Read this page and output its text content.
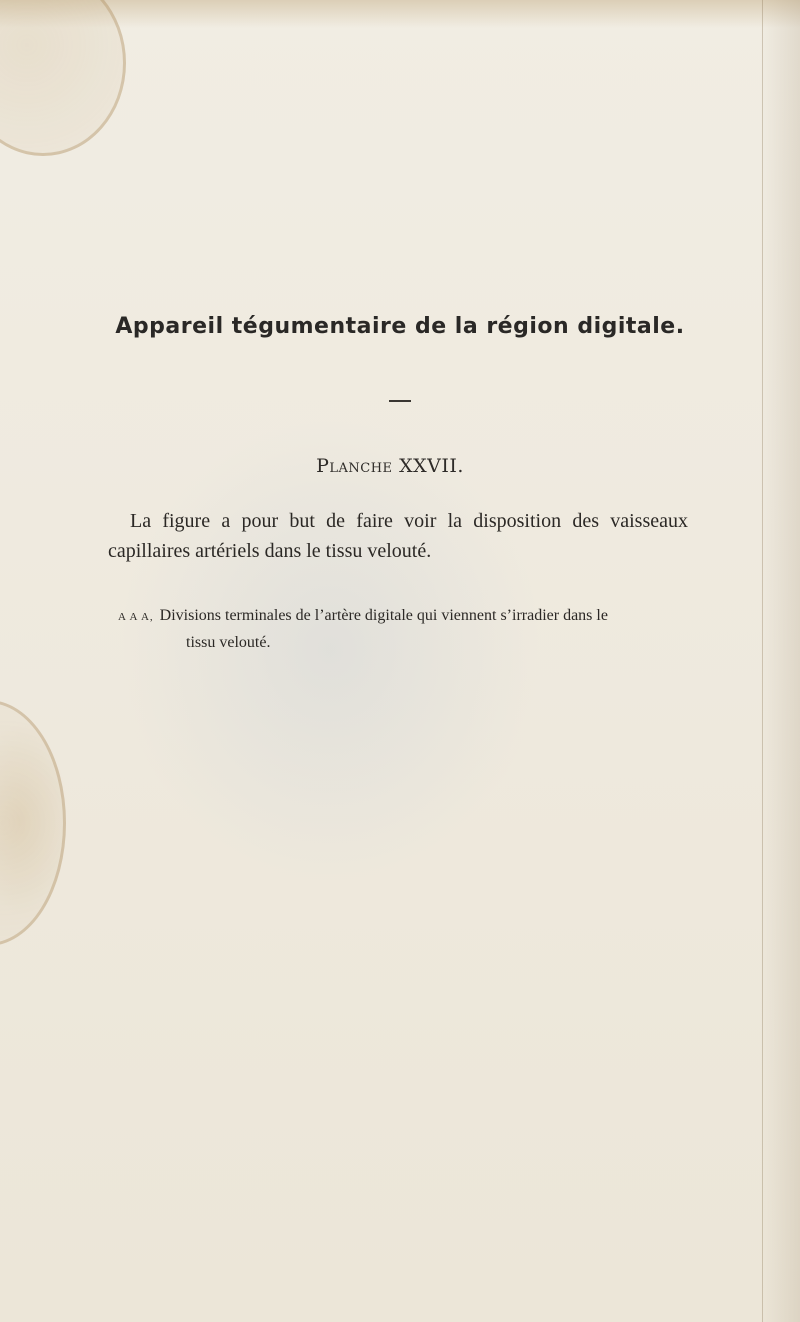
Appareil tégumentaire de la région digitale.
Planche XXVII.
La figure a pour but de faire voir la disposition des vaisseaux capillaires artériels dans le tissu velouté.
A A A, Divisions terminales de l’artère digitale qui viennent s’irradier dans le
tissu velouté.
